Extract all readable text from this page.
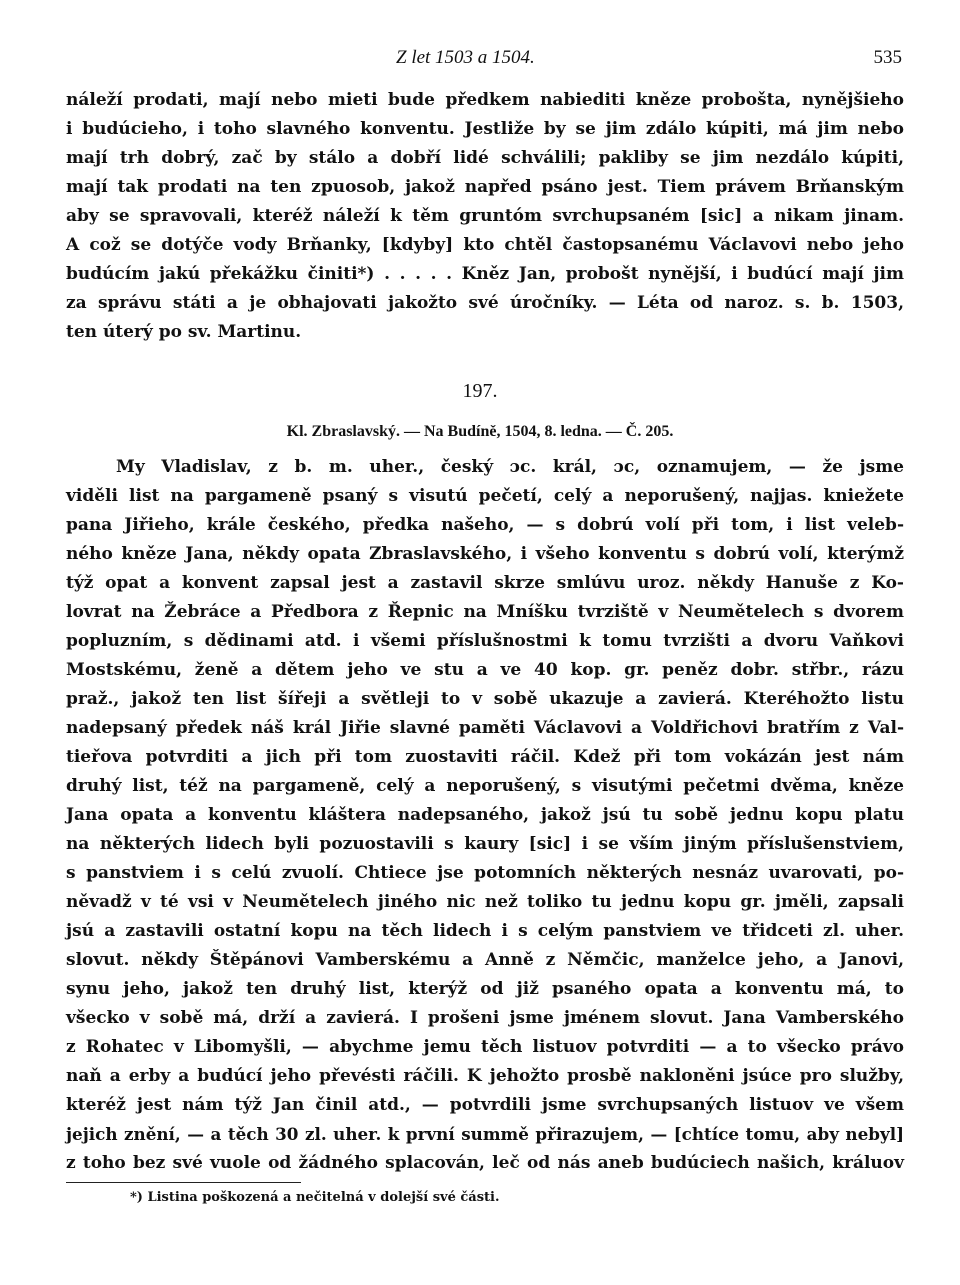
Z let 1503 a 1504.	535
náleží prodati, mají nebo mieti bude předkem nabiediti kněze probošta, nynějšieho
i budúcieho, i toho slavného konventu. Jestliže by se jim zdálo kúpiti, má jim nebo
mají trh dobrý, zač by stálo a dobří lidé schválili; pakliby se jim nezdálo kúpiti,
mají tak prodati na ten zpuosob, jakož napřed psáno jest. Tiem právem Brňanským
aby se spravovali, kteréž náleží k těm gruntóm svrchupsaném [sic] a nikam jinam.
A což se dotýče vody Brňanky, [kdyby] kto chtěl častopsanému Václavovi nebo jeho
budúcím jakú překážku činiti*) . . . . . Kněz Jan, probošt nynější, i budúcí mají jim
za správu státi a je obhajovati jakožto své úročníky. — Léta od naroz. s. b. 1503,
ten úterý po sv. Martinu.
197.
Kl. Zbraslavský. — Na Budíně, 1504, 8. ledna. — Č. 205.
My Vladislav, z b. m. uher., český ɔc. král, ɔc, oznamujem, — že jsme
viděli list na pargameně psaný s visutú pečetí, celý a neporušený, najjas. kniežete
pana Jiřieho, krále českého, předka našeho, — s dobrú volí při tom, i list veleb-
ného kněze Jana, někdy opata Zbraslavského, i všeho konventu s dobrú volí, kterýmž
týž opat a konvent zapsal jest a zastavil skrze smlúvu uroz. někdy Hanuše z Ko-
lovrat na Žebráce a Předbora z Řepnic na Mníšku tvrziště v Neumětelech s dvorem
popluzním, s dědinami atd. i všemi příslušnostmi k tomu tvrzišti a dvoru Vaňkovi
Mostskému, ženě a dětem jeho ve stu a ve 40 kop. gr. peněz dobr. střbr., rázu
praž., jakož ten list šířeji a světleji to v sobě ukazuje a zavierá. Kteréhožto listu
nadepsaný předek náš král Jiřie slavné paměti Václavovi a Voldřichovi bratřím z Val-
tieřova potvrditi a jich při tom zuostaviti ráčil. Kdež při tom vokázán jest nám
druhý list, též na pargameně, celý a neporušený, s visutými pečetmi dvěma, kněze
Jana opata a konventu kláštera nadepsaného, jakož jsú tu sobě jednu kopu platu
na některých lidech byli pozuostavili s kaury [sic] i se vším jiným příslušenstviem,
s panstviem i s celú zvuolí. Chtiece jse potomních některých nesnáz uvarovati, po-
něvadž v té vsi v Neumětelech jiného nic než toliko tu jednu kopu gr. jměli, zapsali
jsú a zastavili ostatní kopu na těch lidech i s celým panstviem ve třidceti zl. uher.
slovut. někdy Štěpánovi Vamberskému a Anně z Němčic, manželce jeho, a Janovi,
synu jeho, jakož ten druhý list, kterýž od již psaného opata a konventu má, to
všecko v sobě má, drží a zavierá. I prošeni jsme jménem slovut. Jana Vamberského
z Rohatec v Libomyšli, — abychme jemu těch listuov potvrditi — a to všecko právo
naň a erby a budúcí jeho převésti ráčili. K jehožto prosbě nakloněni jsúce pro služby,
kteréž jest nám týž Jan činil atd., — potvrdili jsme svrchupsaných listuov ve všem
jejich znění, — a těch 30 zl. uher. k první summě přirazujem, — [chtíce tomu, aby nebyl]
z toho bez své vuole od žádného splacován, leč od nás aneb budúciech našich, králuov
*) Listina poškozená a nečitelná v dolejší své části.
